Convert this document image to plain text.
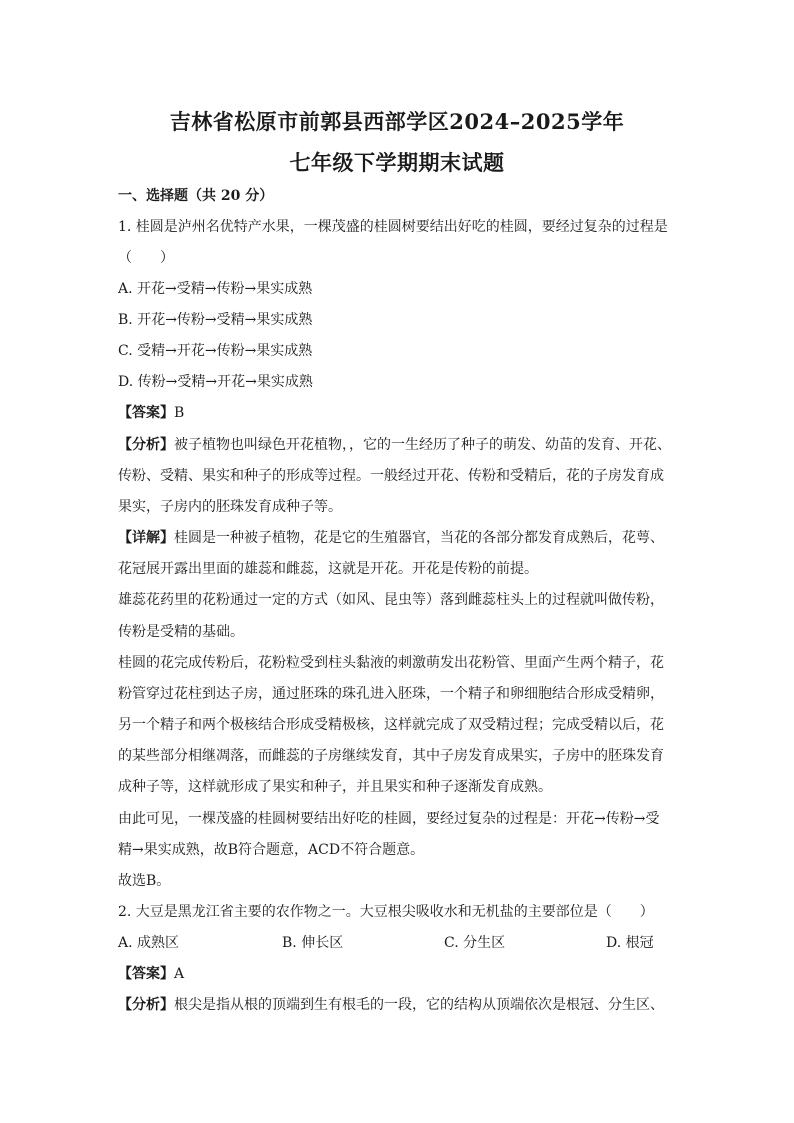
吉林省松原市前郭县西部学区2024–2025学年
七年级下学期期末试题
一、选择题（共 20 分）
1. 桂圆是泸州名优特产水果，一棵茂盛的桂圆树要结出好吃的桂圆，要经过复杂的过程是
（　　）
A. 开花→受精→传粉→果实成熟
B. 开花→传粉→受精→果实成熟
C. 受精→开花→传粉→果实成熟
D. 传粉→受精→开花→果实成熟
【答案】B
【分析】被子植物也叫绿色开花植物，，它的一生经历了种子的萌发、幼苗的发育、开花、
传粉、受精、果实和种子的形成等过程。一般经过开花、传粉和受精后，花的子房发育成
果实，子房内的胚珠发育成种子等。
【详解】桂圆是一种被子植物，花是它的生殖器官，当花的各部分都发育成熟后，花萼、
花冠展开露出里面的雄蕊和雌蕊，这就是开花。开花是传粉的前提。
雄蕊花药里的花粉通过一定的方式（如风、昆虫等）落到雌蕊柱头上的过程就叫做传粉，
传粉是受精的基础。
桂圆的花完成传粉后，花粉粒受到柱头黏液的刺激萌发出花粉管、里面产生两个精子，花
粉管穿过花柱到达子房，通过胚珠的珠孔进入胚珠，一个精子和卵细胞结合形成受精卵，
另一个精子和两个极核结合形成受精极核，这样就完成了双受精过程；完成受精以后，花
的某些部分相继凋落，而雌蕊的子房继续发育，其中子房发育成果实，子房中的胚珠发育
成种子等，这样就形成了果实和种子，并且果实和种子逐渐发育成熟。
由此可见，一棵茂盛的桂圆树要结出好吃的桂圆，要经过复杂的过程是：开花→传粉→受
精→果实成熟，故B符合题意，ACD不符合题意。
故选B。
2. 大豆是黑龙江省主要的农作物之一。大豆根尖吸收水和无机盐的主要部位是（　　）
A. 成熟区	B. 伸长区	C. 分生区	D. 根冠
【答案】A
【分析】根尖是指从根的顶端到生有根毛的一段，它的结构从顶端依次是根冠、分生区、
